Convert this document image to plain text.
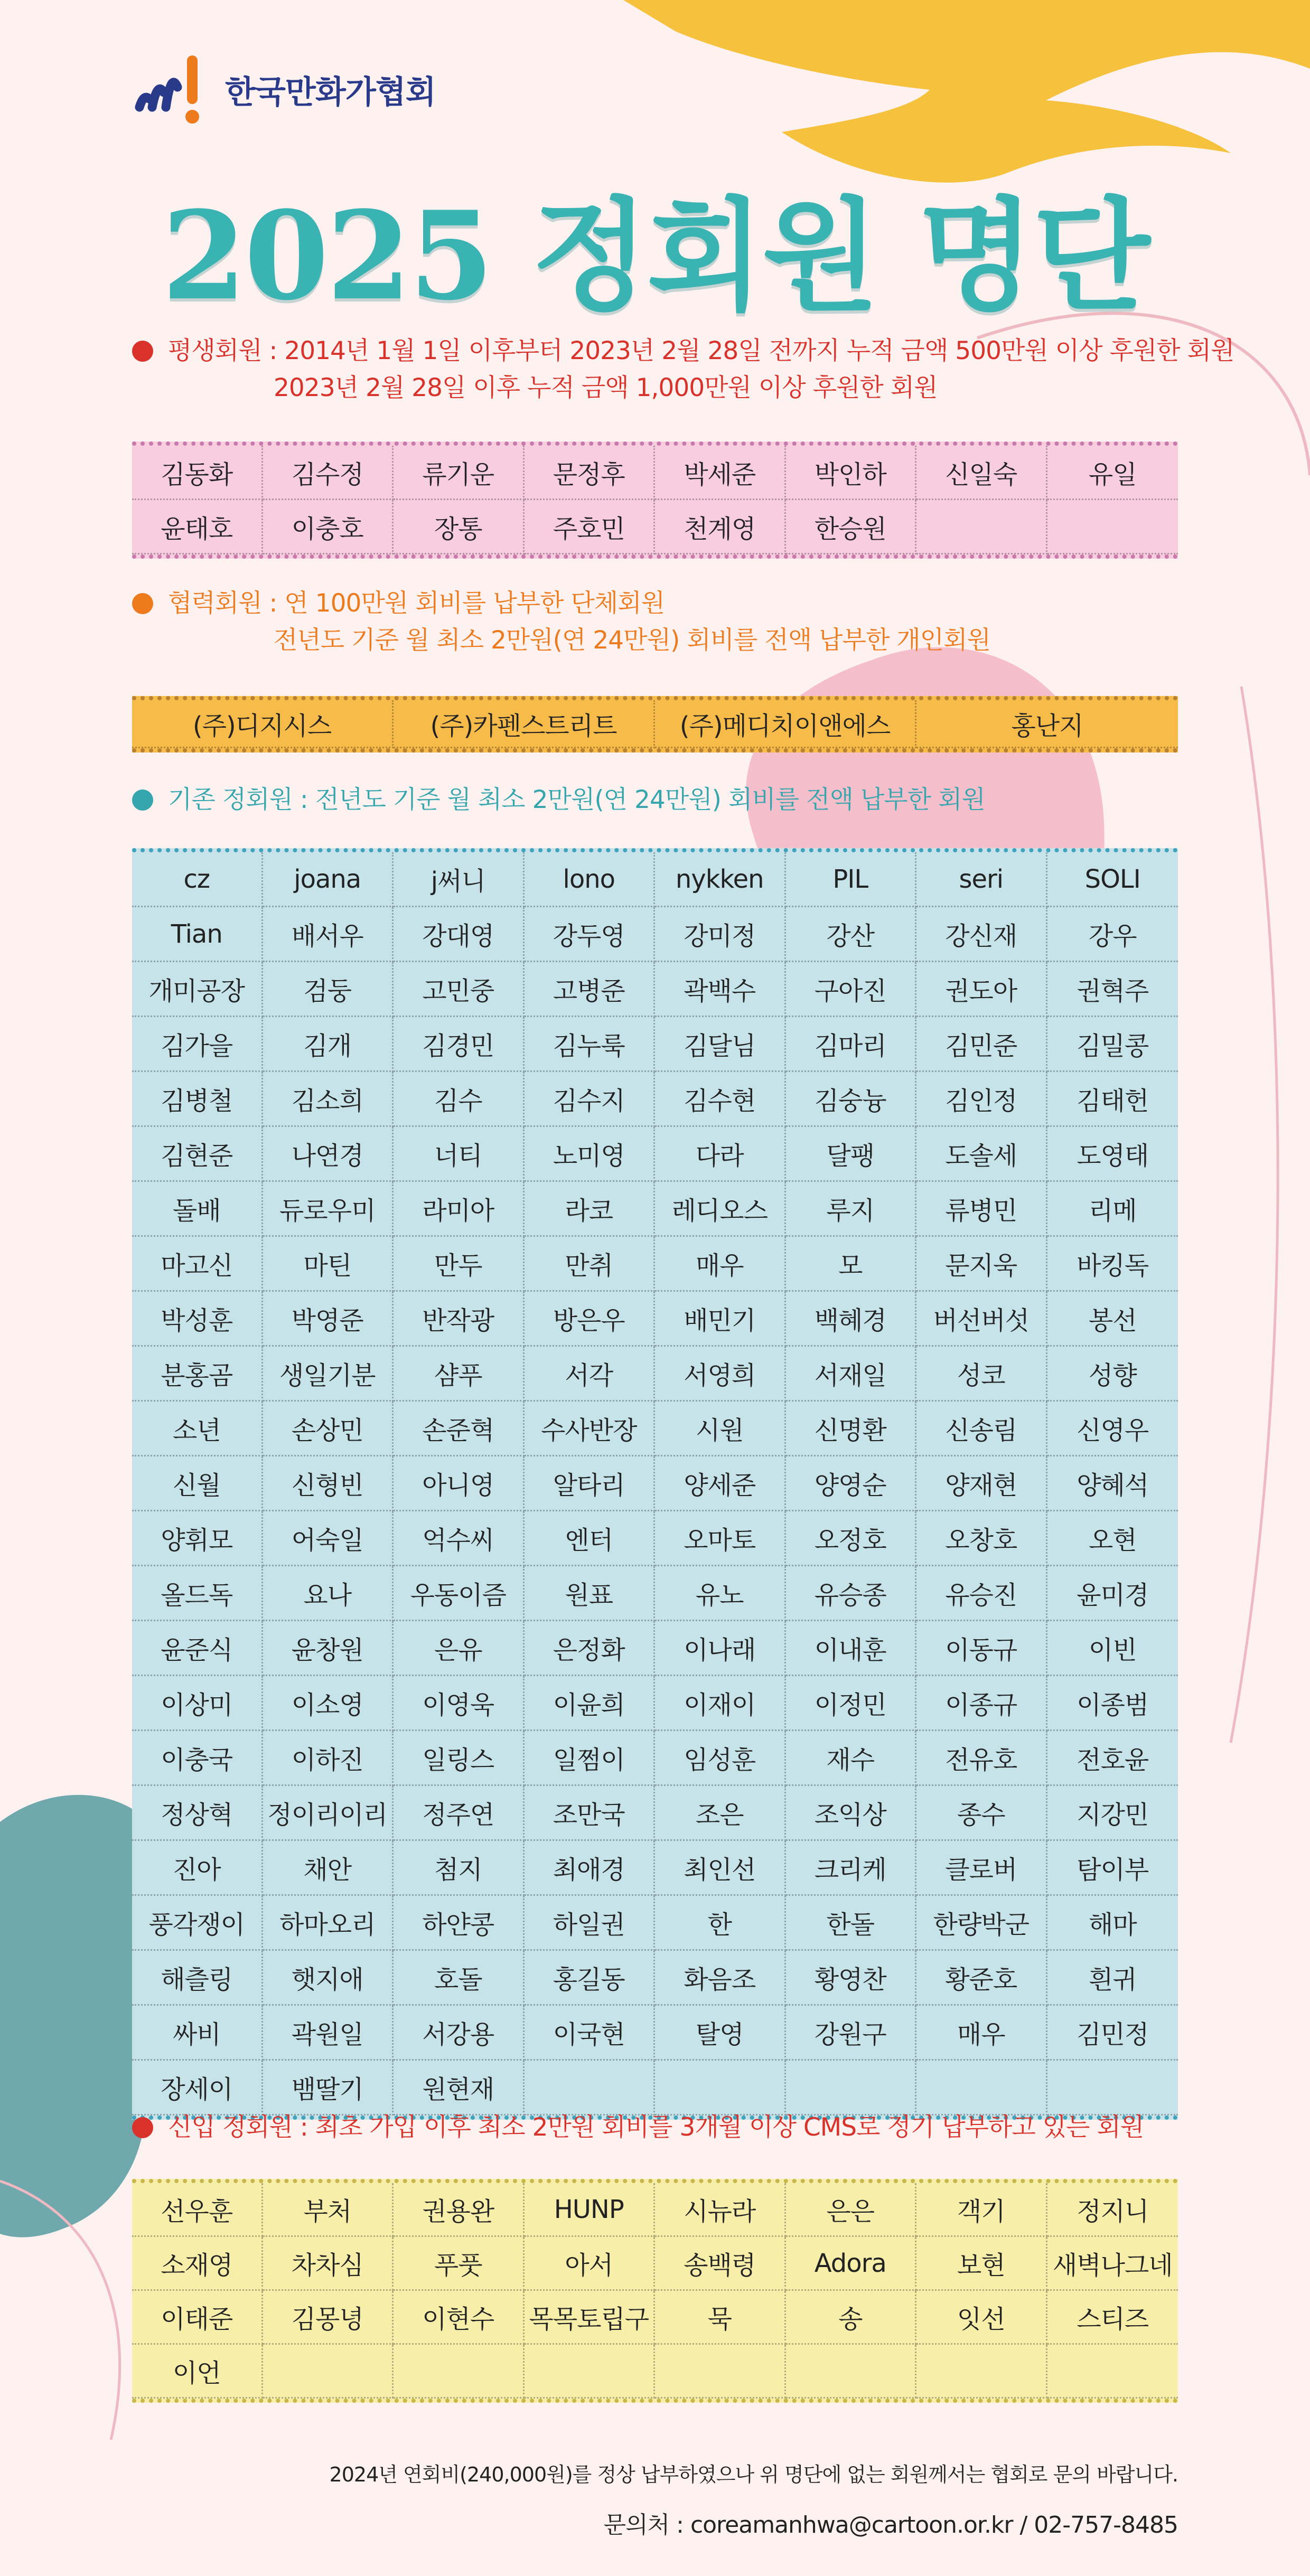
한국만화가협회
2025 정회원 명단
평생회원 : 2014년 1월 1일 이후부터 2023년 2월 28일 전까지 누적 금액 500만원 이상 후원한 회원
2023년 2월 28일 이후 누적 금액 1,000만원 이상 후원한 회원
김동화	김수정	류기운	문정후	박세준	박인하	신일숙	유일
윤태호	이충호	장통	주호민	천계영	한승원
협력회원 : 연 100만원 회비를 납부한 단체회원
전년도 기준 월 최소 2만원(연 24만원) 회비를 전액 납부한 개인회원
(주)디지시스	(주)카펜스트리트	(주)메디치이앤에스	홍난지
기존 정회원 : 전년도 기준 월 최소 2만원(연 24만원) 회비를 전액 납부한 회원
cz	joana	j써니	lono	nykken	PIL	seri	SOLI
Tian	배서우	강대영	강두영	강미정	강산	강신재	강우
개미공장	검둥	고민중	고병준	곽백수	구아진	권도아	권혁주
김가을	김개	김경민	김누룩	김달님	김마리	김민준	김밀콩
김병철	김소희	김수	김수지	김수현	김숭늉	김인정	김태헌
김현준	나연경	너티	노미영	다라	달팽	도솔세	도영태
돌배	듀로우미	라미아	라코	레디오스	루지	류병민	리메
마고신	마틴	만두	만취	매우	모	문지욱	바킹독
박성훈	박영준	반작광	방은우	배민기	백혜경	버선버섯	봉선
분홍곰	생일기분	샴푸	서각	서영희	서재일	성코	성향
소년	손상민	손준혁	수사반장	시원	신명환	신송림	신영우
신월	신형빈	아니영	알타리	양세준	양영순	양재현	양혜석
양휘모	어숙일	억수씨	엔터	오마토	오정호	오창호	오현
올드독	요나	우동이즘	원표	유노	유승종	유승진	윤미경
윤준식	윤창원	은유	은정화	이나래	이내훈	이동규	이빈
이상미	이소영	이영욱	이윤희	이재이	이정민	이종규	이종범
이충국	이하진	일링스	일쩜이	임성훈	재수	전유호	전호윤
정상혁	정이리이리	정주연	조만국	조은	조익상	종수	지강민
진아	채안	첨지	최애경	최인선	크리케	클로버	탐이부
풍각쟁이	하마오리	하얀콩	하일권	한	한돌	한량박군	해마
해츨링	햇지애	호돌	홍길동	화음조	황영찬	황준호	흰귀
싸비	곽원일	서강용	이국현	탈영	강원구	매우	김민정
장세이	뱀딸기	원현재
신입 정회원 : 최초 가입 이후 최소 2만원 회비를 3개월 이상 CMS로 정기 납부하고 있는 회원
선우훈	부처	권용완	HUNP	시뉴라	은은	객기	정지니
소재영	차차심	푸풋	아서	송백령	Adora	보현	새벽나그네
이태준	김몽녕	이현수	목목토립구	묵	송	잇선	스티즈
이언
2024년 연회비(240,000원)를 정상 납부하였으나 위 명단에 없는 회원께서는 협회로 문의 바랍니다.
문의처 : coreamanhwa@cartoon.or.kr / 02-757-8485
